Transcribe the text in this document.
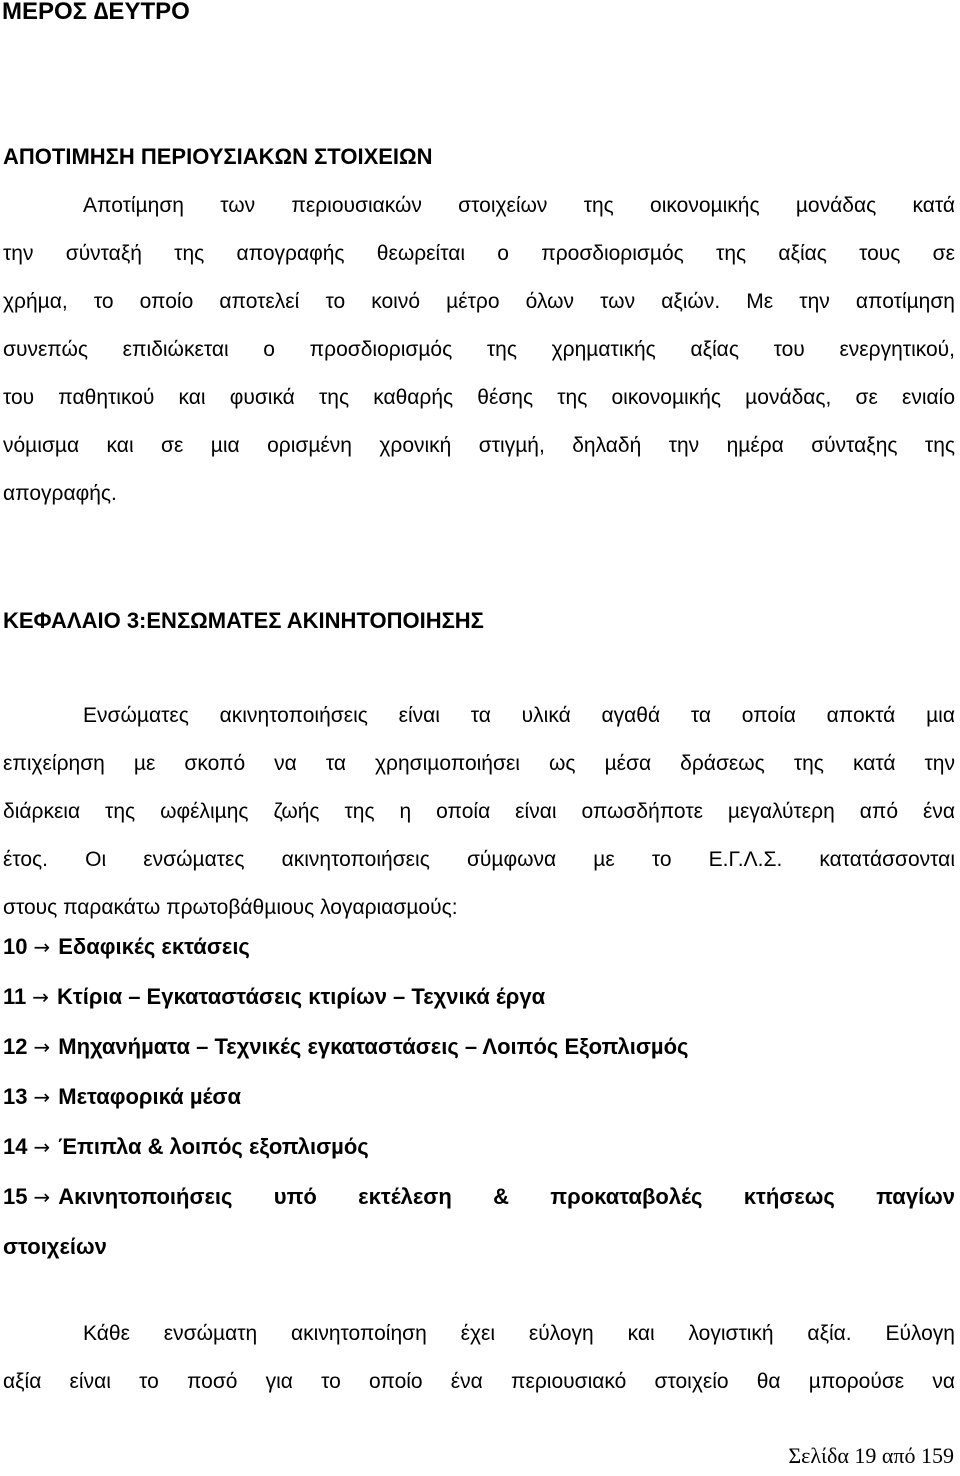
ΜΕΡΟΣ ∆ΕΥΤΡΟ
ΑΠΟΤΙΜΗΣΗ ΠΕΡΙΟΥΣΙΑΚΩΝ ΣΤΟΙΧΕΙΩΝ
Αποτίµηση των περιουσιακών στοιχείων της οικονοµικής µονάδας κατά
την σύνταξή της απογραφής θεωρείται ο προσδιορισµός της αξίας τους σε
χρήµα, το οποίο αποτελεί το κοινό µέτρο όλων των αξιών. Με την αποτίµηση
συνεπώς επιδιώκεται ο προσδιορισµός της χρηµατικής αξίας του ενεργητικού,
του παθητικού και φυσικά της καθαρής θέσης της οικονοµικής µονάδας, σε ενιαίο
νόµισµα και σε µια ορισµένη χρονική στιγµή, δηλαδή την ηµέρα σύνταξης της
απογραφής.
ΚΕΦΑΛΑΙΟ 3:ΕΝΣΩΜΑΤΕΣ ΑΚΙΝΗΤΟΠΟΙΗΣΗΣ
Ενσώµατες ακινητοποιήσεις είναι τα υλικά αγαθά τα οποία αποκτά µια
επιχείρηση µε σκοπό να τα χρησιµοποιήσει ως µέσα δράσεως της κατά την
διάρκεια της ωφέλιµης ζωής της η οποία είναι οπωσδήποτε µεγαλύτερη από ένα
έτος. Οι ενσώµατες ακινητοποιήσεις σύµφωνα µε το Ε.Γ.Λ.Σ. κατατάσσονται
στους παρακάτω πρωτοβάθµιους λογαριασµούς:
10 → Εδαφικές εκτάσεις
11 → Κτίρια – Εγκαταστάσεις κτιρίων – Τεχνικά έργα
12 → Μηχανήµατα – Τεχνικές εγκαταστάσεις – Λοιπός Εξοπλισµός
13 → Μεταφορικά µέσα
14 → Έπιπλα & λοιπός εξοπλισµός
15 → Ακινητοποιήσεις υπό εκτέλεση & προκαταβολές κτήσεως παγίων
στοιχείων
Κάθε ενσώµατη ακινητοποίηση έχει εύλογη και λογιστική αξία. Εύλογη
αξία είναι το ποσό για το οποίο ένα περιουσιακό στοιχείο θα µπορούσε να
Σελίδα 19 από 159
